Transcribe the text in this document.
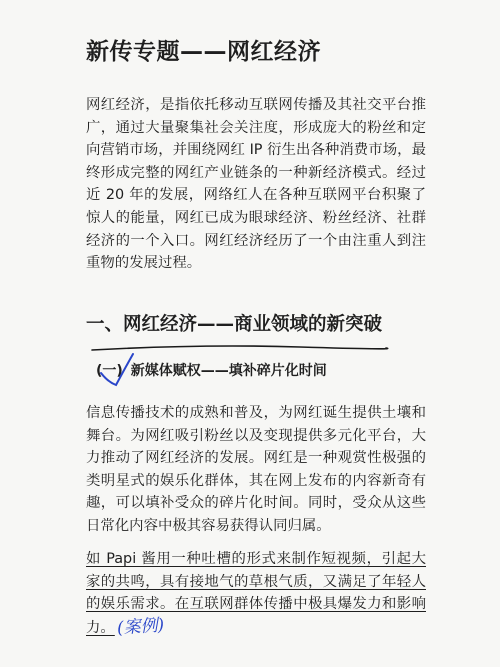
新传专题——网红经济

网红经济，是指依托移动互联网传播及其社交平台推广，通过大量聚集社会关注度，形成庞大的粉丝和定向营销市场，并围绕网红 IP 衍生出各种消费市场，最终形成完整的网红产业链条的一种新经济模式。经过近 20 年的发展，网络红人在各种互联网平台积聚了惊人的能量，网红已成为眼球经济、粉丝经济、社群经济的一个入口。网红经济经历了一个由注重人到注重物的发展过程。

一、网红经济——商业领域的新突破
(一) 新媒体赋权——填补碎片化时间

信息传播技术的成熟和普及，为网红诞生提供土壤和舞台。为网红吸引粉丝以及变现提供多元化平台，大力推动了网红经济的发展。网红是一种观赏性极强的类明星式的娱乐化群体，其在网上发布的内容新奇有趣，可以填补受众的碎片化时间。同时，受众从这些日常化内容中极其容易获得认同归属。

如 Papi 酱用一种吐槽的形式来制作短视频，引起大家的共鸣，具有接地气的草根气质，又满足了年轻人的娱乐需求。在互联网群体传播中极具爆发力和影响力。(案例)
